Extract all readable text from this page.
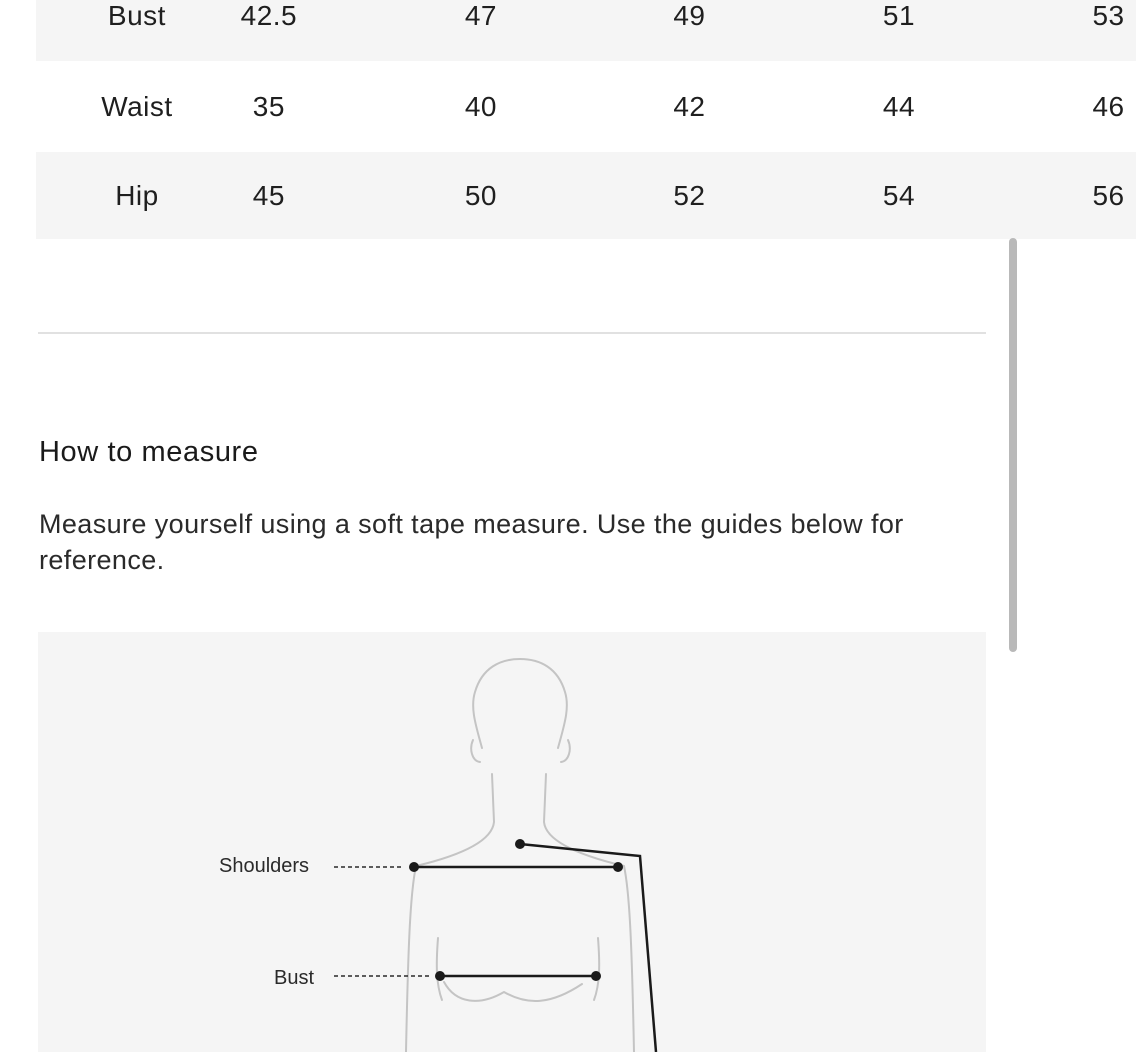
Bust	42.5	47	49	51	53
Waist	35	40	42	44	46
Hip	45	50	52	54	56
How to measure

Measure yourself using a soft tape measure. Use the guides below for reference.

Shoulders
Bust
